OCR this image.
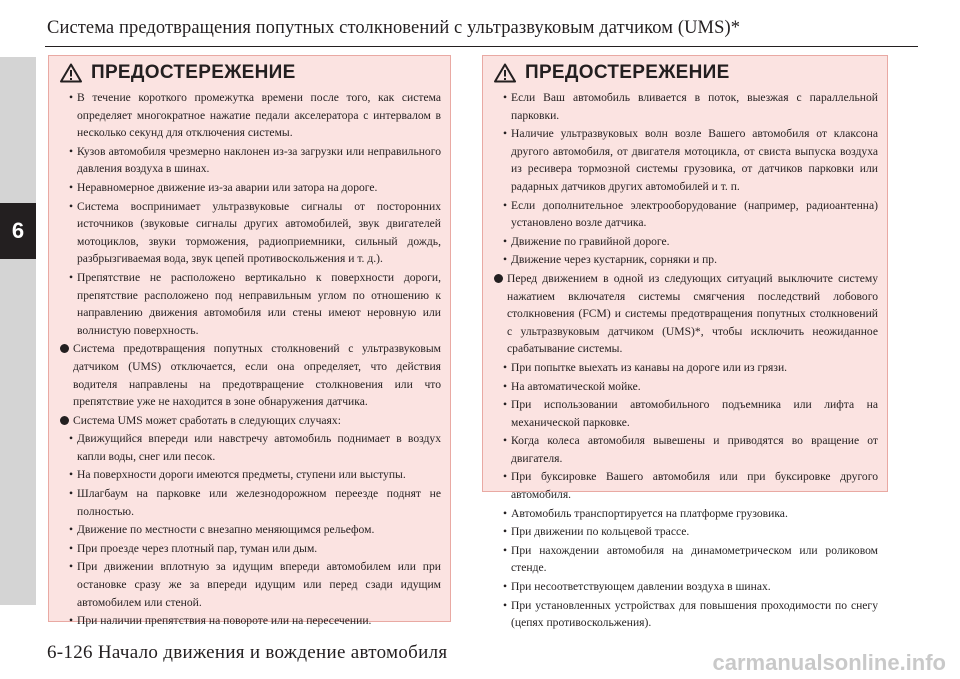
Система предотвращения попутных столкновений с ультразвуковым датчиком (UMS)*
6
ПРЕДОСТЕРЕЖЕНИЕ
• В течение короткого промежутка времени после того, как система определяет многократное нажатие педали акселератора с интервалом в несколько секунд для отключения системы.
• Кузов автомобиля чрезмерно наклонен из-за загрузки или неправильного давления воздуха в шинах.
• Неравномерное движение из-за аварии или затора на дороге.
• Система воспринимает ультразвуковые сигналы от посторонних источников (звуковые сигналы других автомобилей, звук двигателей мотоциклов, звуки торможения, радиоприемники, сильный дождь, разбрызгиваемая вода, звук цепей противоскольжения и т. д.).
• Препятствие не расположено вертикально к поверхности дороги, препятствие расположено под неправильным углом по отношению к направлению движения автомобиля или стены имеют неровную или волнистую поверхность.
Система предотвращения попутных столкновений с ультразвуковым датчиком (UMS) отключается, если она определяет, что действия водителя направлены на предотвращение столкновения или что препятствие уже не находится в зоне обнаружения датчика.
Система UMS может сработать в следующих случаях:
• Движущийся впереди или навстречу автомобиль поднимает в воздух капли воды, снег или песок.
• На поверхности дороги имеются предметы, ступени или выступы.
• Шлагбаум на парковке или железнодорожном переезде поднят не полностью.
• Движение по местности с внезапно меняющимся рельефом.
• При проезде через плотный пар, туман или дым.
• При движении вплотную за идущим впереди автомобилем или при остановке сразу же за впереди идущим или перед сзади идущим автомобилем или стеной.
• При наличии препятствия на повороте или на пересечении.
ПРЕДОСТЕРЕЖЕНИЕ
• Если Ваш автомобиль вливается в поток, выезжая с параллельной парковки.
• Наличие ультразвуковых волн возле Вашего автомобиля от клаксона другого автомобиля, от двигателя мотоцикла, от свиста выпуска воздуха из ресивера тормозной системы грузовика, от датчиков парковки или радарных датчиков других автомобилей и т. п.
• Если дополнительное электрооборудование (например, радиоантенна) установлено возле датчика.
• Движение по гравийной дороге.
• Движение через кустарник, сорняки и пр.
Перед движением в одной из следующих ситуаций выключите систему нажатием включателя системы смягчения последствий лобового столкновения (FCM) и системы предотвращения попутных столкновений с ультразвуковым датчиком (UMS)*, чтобы исключить неожиданное срабатывание системы.
• При попытке выехать из канавы на дороге или из грязи.
• На автоматической мойке.
• При использовании автомобильного подъемника или лифта на механической парковке.
• Когда колеса автомобиля вывешены и приводятся во вращение от двигателя.
• При буксировке Вашего автомобиля или при буксировке другого автомобиля.
• Автомобиль транспортируется на платформе грузовика.
• При движении по кольцевой трассе.
• При нахождении автомобиля на динамометрическом или роликовом стенде.
• При несоответствующем давлении воздуха в шинах.
• При установленных устройствах для повышения проходимости по снегу (цепях противоскольжения).
6-126 Начало движения и вождение автомобиля	carmanualsonline.info
